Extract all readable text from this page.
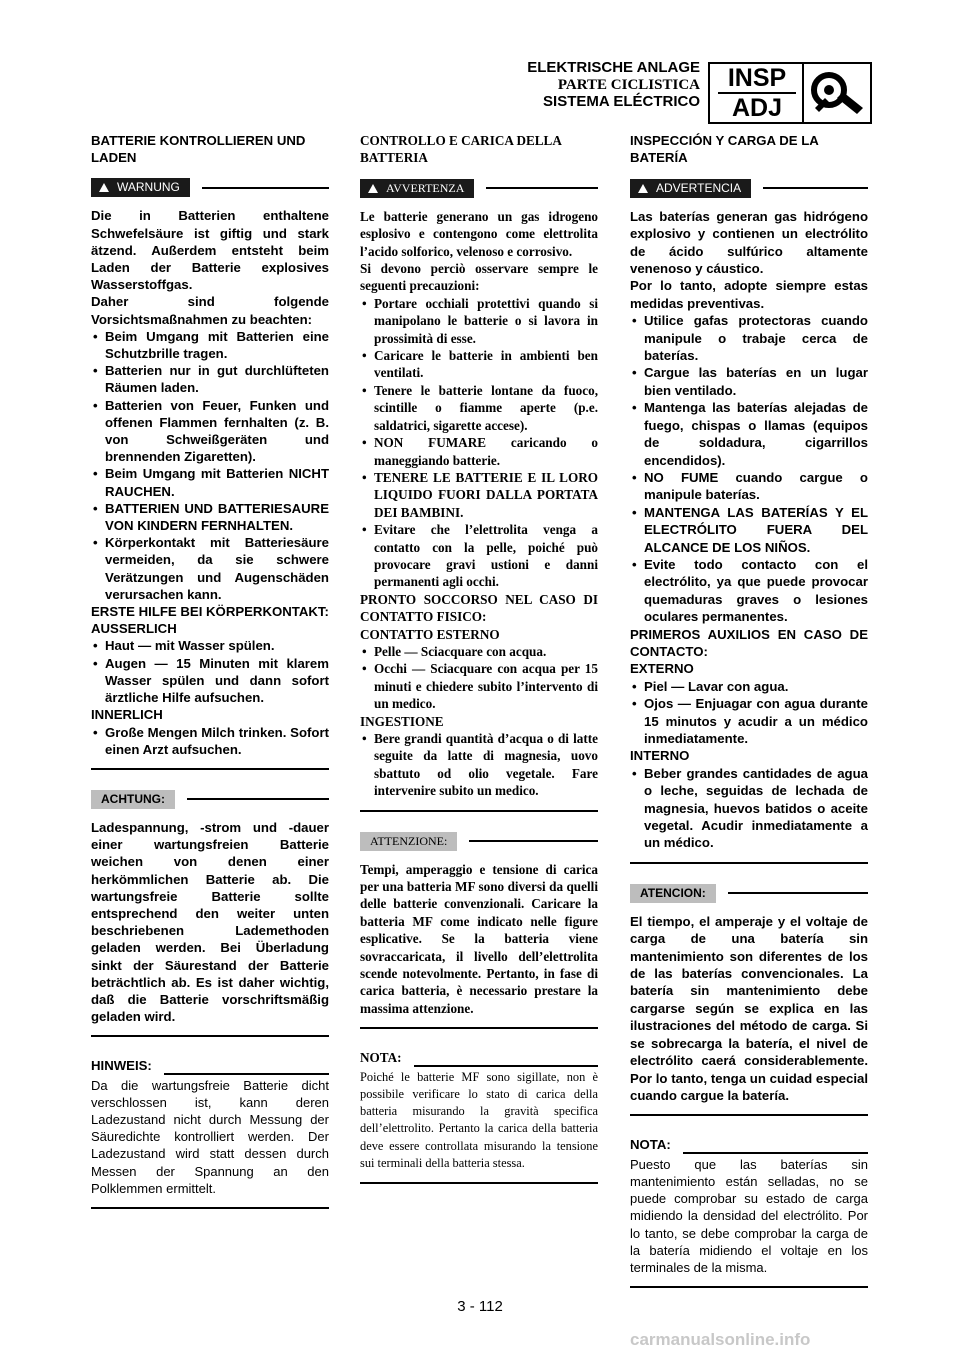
ELEKTRISCHE ANLAGE
PARTE CICLISTICA
SISTEMA ELÉCTRICO
INSP
ADJ

BATTERIE KONTROLLIEREN UND LADEN

WARNUNG

Die in Batterien enthaltene Schwefelsäure ist giftig und stark ätzend. Außerdem entsteht beim Laden der Batterie explosives Wasserstoffgas.

Daher sind folgende Vorsichtsmaßnahmen zu beachten:

• Beim Umgang mit Batterien eine Schutzbrille tragen.
• Batterien nur in gut durchlüfteten Räumen laden.
• Batterien von Feuer, Funken und offenen Flammen fernhalten (z. B. von Schweißgeräten und brennenden Zigaretten).
• Beim Umgang mit Batterien NICHT RAUCHEN.
• BATTERIEN UND BATTERIESAURE VON KINDERN FERNHALTEN.
• Körperkontakt mit Batteriesäure vermeiden, da sie schwere Verätzungen und Augenschäden verursachen kann.

ERSTE HILFE BEI KÖRPERKONTAKT:

AUSSERLICH

• Haut — mit Wasser spülen.
• Augen — 15 Minuten mit klarem Wasser spülen und dann sofort ärztliche Hilfe aufsuchen.

INNERLICH

• Große Mengen Milch trinken. Sofort einen Arzt aufsuchen.
ACHTUNG:

Ladespannung, -strom und -dauer einer wartungsfreien Batterie weichen von denen einer herkömmlichen Batterie ab. Die wartungsfreie Batterie sollte entsprechend den weiter unten beschriebenen Lademethoden geladen werden. Bei Überladung sinkt der Säurestand der Batterie beträchtlich ab. Es ist daher wichtig, daß die Batterie vorschriftsmäßig geladen wird.

HINWEIS:

Da die wartungsfreie Batterie dicht verschlossen ist, kann deren Ladezustand nicht durch Messung der Säuredichte kontrolliert werden. Der Ladezustand wird statt dessen durch Messen der Spannung an den Polklemmen ermittelt.

CONTROLLO E CARICA DELLA BATTERIA

AVVERTENZA

Le batterie generano un gas idrogeno esplosivo e contengono come elettrolita l’acido solforico, velenoso e corrosivo.

Si devono perciò osservare sempre le seguenti precauzioni:

• Portare occhiali protettivi quando si manipolano le batterie o si lavora in prossimità di esse.
• Caricare le batterie in ambienti ben ventilati.
• Tenere le batterie lontane da fuoco, scintille o fiamme aperte (p.e. saldatrici, sigarette accese).
• NON FUMARE caricando o maneggiando batterie.
• TENERE LE BATTERIE E IL LORO LIQUIDO FUORI DALLA PORTATA DEI BAMBINI.
• Evitare che l’elettrolita venga a contatto con la pelle, poiché può provocare gravi ustioni e danni permanenti agli occhi.

PRONTO SOCCORSO NEL CASO DI CONTATTO FISICO:

CONTATTO ESTERNO

• Pelle — Sciacquare con acqua.
• Occhi — Sciacquare con acqua per 15 minuti e chiedere subito l’intervento di un medico.

INGESTIONE

• Bere grandi quantità d’acqua o di latte seguite da latte di magnesia, uovo sbattuto od olio vegetale. Fare intervenire subito un medico.
ATTENZIONE:

Tempi, amperaggio e tensione di carica per una batteria MF sono diversi da quelli delle batterie convenzionali. Caricare la batteria MF come indicato nelle figure esplicative. Se la batteria viene sovraccaricata, il livello dell’elettrolita scende notevolmente. Pertanto, in fase di carica batteria, è necessario prestare la massima attenzione.

NOTA:

Poiché le batterie MF sono sigillate, non è possibile verificare lo stato di carica della batteria misurando la gravità specifica dell’elettrolito. Pertanto la carica della batteria deve essere controllata misurando la tensione sui terminali della batteria stessa.

INSPECCIÓN Y CARGA DE LA BATERÍA

ADVERTENCIA

Las baterías generan gas hidrógeno explosivo y contienen un electrólito de ácido sulfúrico altamente venenoso y cáustico.

Por lo tanto, adopte siempre estas medidas preventivas.

• Utilice gafas protectoras cuando manipule o trabaje cerca de baterías.
• Cargue las baterías en un lugar bien ventilado.
• Mantenga las baterías alejadas de fuego, chispas o llamas (equipos de soldadura, cigarrillos encendidos).
• NO FUME cuando cargue o manipule baterías.
• MANTENGA LAS BATERÍAS Y EL ELECTRÓLITO FUERA DEL ALCANCE DE LOS NIÑOS.
• Evite todo contacto con el electrólito, ya que puede provocar quemaduras graves o lesiones oculares permanentes.

PRIMEROS AUXILIOS EN CASO DE CONTACTO:

EXTERNO

• Piel — Lavar con agua.
• Ojos — Enjuagar con agua durante 15 minutos y acudir a un médico inmediatamente.

INTERNO

• Beber grandes cantidades de agua o leche, seguidas de lechada de magnesia, huevos batidos o aceite vegetal. Acudir inmediatamente a un médico.
ATENCION:

El tiempo, el amperaje y el voltaje de carga de una batería sin mantenimiento son diferentes de los de las baterías convencionales. La batería sin mantenimiento debe cargarse según se explica en las ilustraciones del método de carga. Si se sobrecarga la batería, el nivel de electrólito caerá considerablemente. Por lo tanto, tenga un cuidad especial cuando cargue la batería.

NOTA:

Puesto que las baterías sin mantenimiento están selladas, no se puede comprobar su estado de carga midiendo la densidad del electrólito. Por lo tanto, se debe comprobar la carga de la batería midiendo el voltaje en los terminales de la misma.

3 - 112
carmanualsonline.info
